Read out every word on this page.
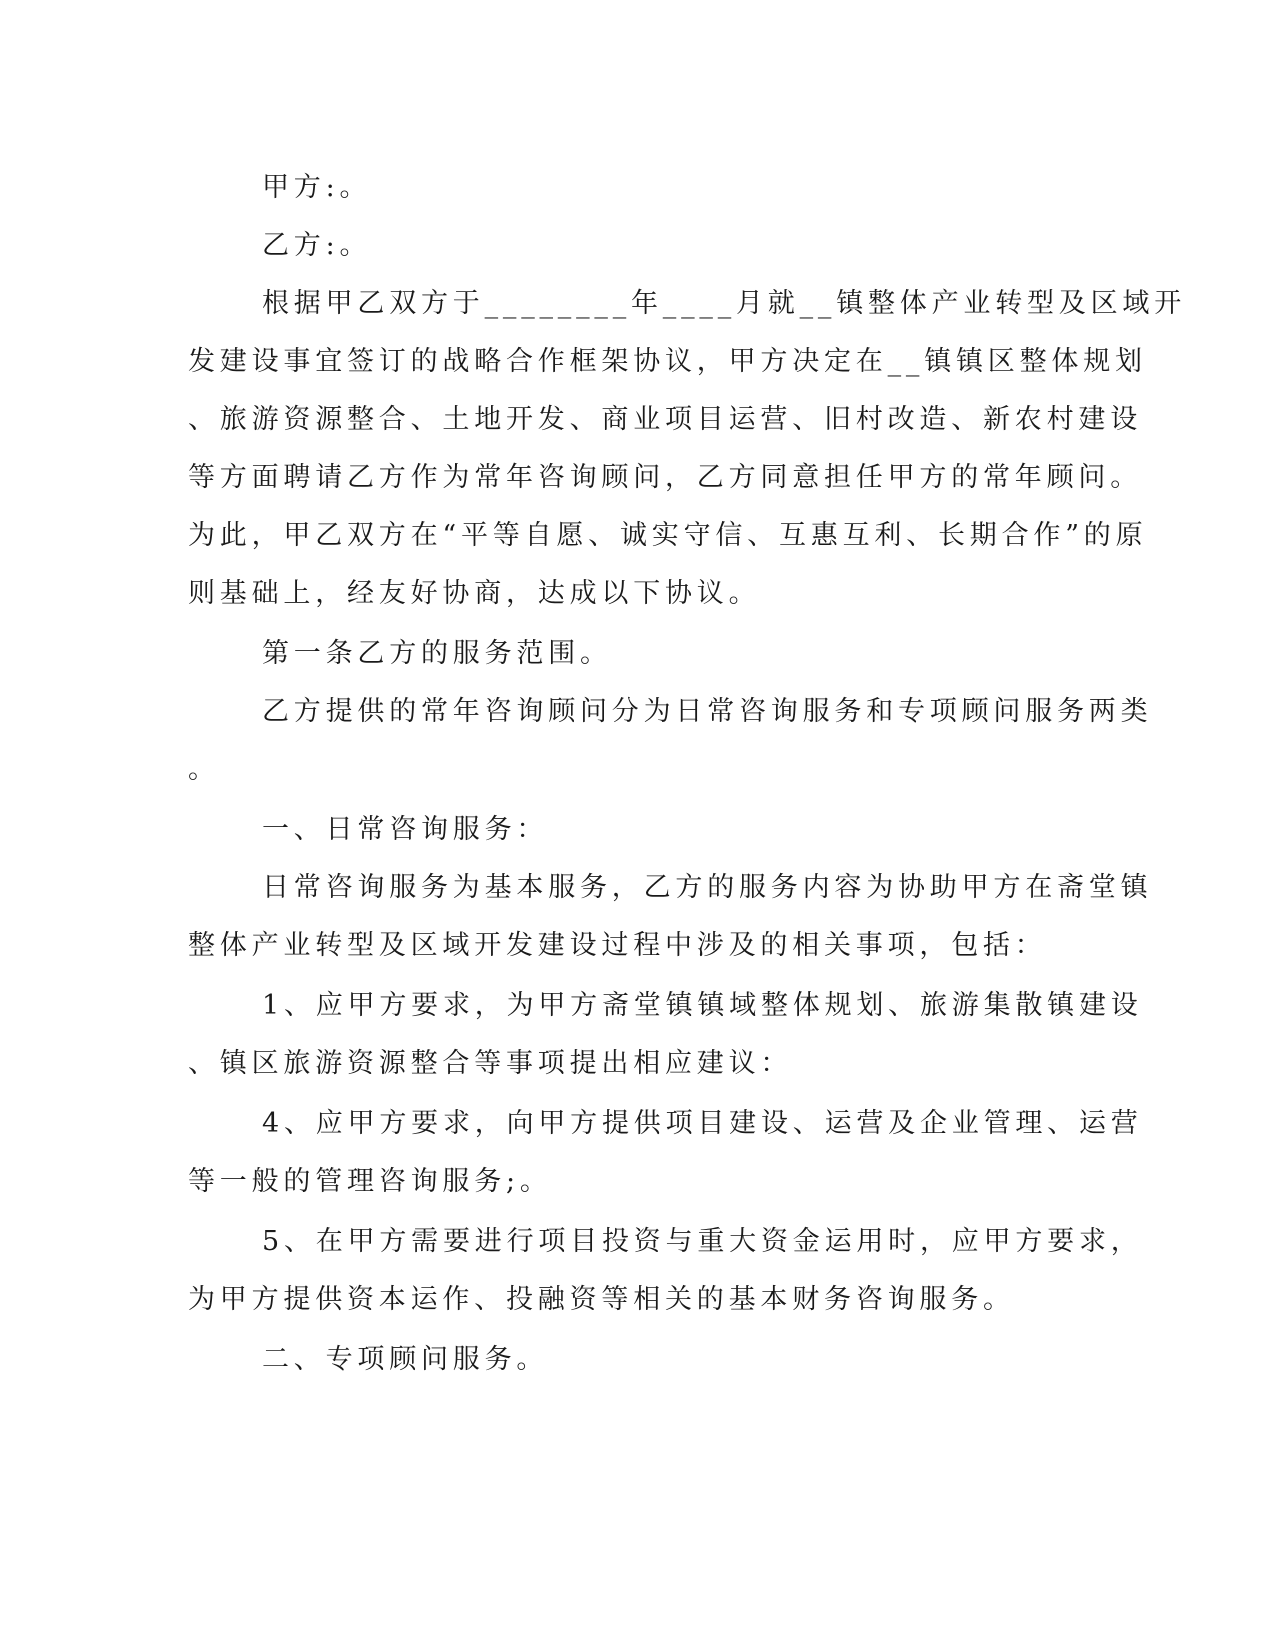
甲方:。
乙方:。
根据甲乙双方于________年____月就__镇整体产业转型及区域开
发建设事宜签订的战略合作框架协议，甲方决定在__镇镇区整体规划
、旅游资源整合、土地开发、商业项目运营、旧村改造、新农村建设
等方面聘请乙方作为常年咨询顾问，乙方同意担任甲方的常年顾问。
为此，甲乙双方在“平等自愿、诚实守信、互惠互利、长期合作”的原
则基础上，经友好协商，达成以下协议。
第一条乙方的服务范围。
乙方提供的常年咨询顾问分为日常咨询服务和专项顾问服务两类
。
一、日常咨询服务：
日常咨询服务为基本服务，乙方的服务内容为协助甲方在斋堂镇
整体产业转型及区域开发建设过程中涉及的相关事项，包括：
1、应甲方要求，为甲方斋堂镇镇域整体规划、旅游集散镇建设
、镇区旅游资源整合等事项提出相应建议：
4、应甲方要求，向甲方提供项目建设、运营及企业管理、运营
等一般的管理咨询服务;。
5、在甲方需要进行项目投资与重大资金运用时，应甲方要求，
为甲方提供资本运作、投融资等相关的基本财务咨询服务。
二、专项顾问服务。
